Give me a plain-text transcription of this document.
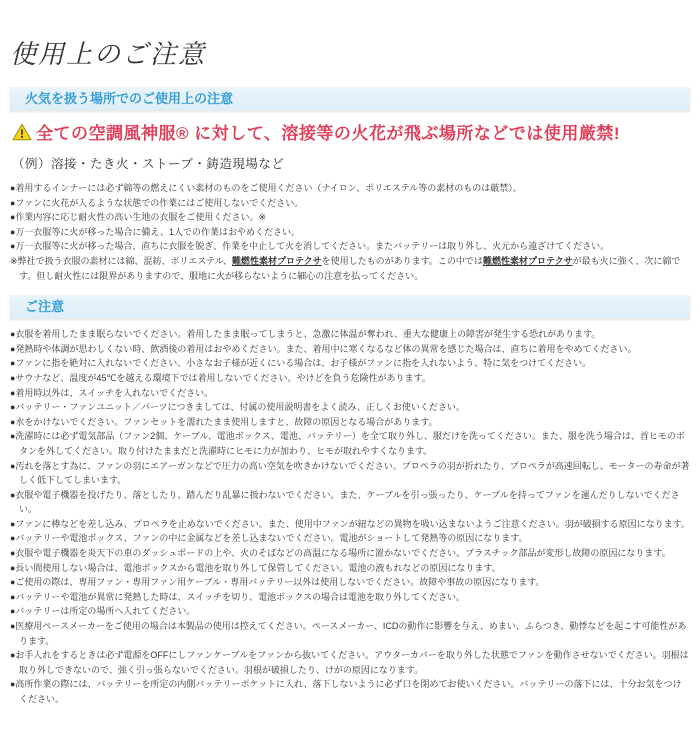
使用上のご注意
火気を扱う場所でのご使用上の注意
全ての空調風神服® に対して、溶接等の火花が飛ぶ場所などでは使用厳禁!
（例）溶接・たき火・ストーブ・鋳造現場など
●着用するインナーには必ず綿等の燃えにくい素材のものをご使用ください（ナイロン、ポリエステル等の素材のものは厳禁）。
●ファンに火花が入るような状態での作業にはご使用しないでください。
●作業内容に応じ耐火性の高い生地の衣服をご使用ください。※
●万一衣服等に火が移った場合に備え、1人での作業はおやめください。
●万一衣服等に火が移った場合、直ちに衣服を脱ぎ、作業を中止して火を消してください。またバッテリーは取り外し、火元から遠ざけてください。

※弊社で扱う衣服の素材には綿、混紡、ポリエステル、難燃性素材プロテクサを使用したものがあります。この中では難燃性素材プロテクサが最も火に強く、次に綿です。但し耐火性には限界がありますので、服地に火が移らないように細心の注意を払ってください。

ご注意
●衣服を着用したまま眠らないでください。着用したまま眠ってしまうと、急激に体温が奪われ、重大な健康上の障害が発生する恐れがあります。
●発熱時や体調が思わしくない時、飲酒後の着用はおやめください。また、着用中に寒くなるなど体の異常を感じた場合は、直ちに着用をやめてください。
●ファンに指を絶対に入れないでください。小さなお子様が近くにいる場合は、お子様がファンに指を入れないよう、特に気をつけてください。
●サウナなど、温度が45℃を越える環境下では着用しないでください。やけどを負う危険性があります。
●着用時以外は、スイッチを入れないでください。
●バッテリー・ファンユニット／パーツにつきましては、付属の使用説明書をよく読み、正しくお使いください。
●水をかけないでください。ファンセットを濡れたまま使用しますと、故障の原因となる場合があります。
●洗濯時には必ず電気部品（ファン2個、ケーブル、電池ボックス、電池、バッテリー）を全て取り外し、服だけを洗ってください。また、服を洗う場合は、首ヒモのボタンを外してください。取り付けたままだと洗濯時にヒモに力が加わり、ヒモが取れやすくなります。
●汚れを落とす為に、ファンの羽にエアーガンなどで圧力の高い空気を吹きかけないでください。プロペラの羽が折れたり、プロペラが高速回転し、モーターの寿命が著しく低下してしまいます。
●衣服や電子機器を投げたり、落としたり、踏んだり乱暴に扱わないでください。また、ケーブルを引っ張ったり、ケーブルを持ってファンを運んだりしないでください。
●ファンに棒などを差し込み、プロペラを止めないでください。また、使用中ファンが紐などの異物を吸い込まないようご注意ください。羽が破損する原因になります。
●バッテリーや電池ボックス、ファンの中に金属などを差し込まないでください。電池がショートして発熱等の原因になります。
●衣服や電子機器を炎天下の車のダッシュボードの上や、火のそばなどの高温になる場所に置かないでください。プラスチック部品が変形し故障の原因になります。
●長い間使用しない場合は、電池ボックスから電池を取り外して保管してください。電池の液もれなどの原因になります。
●ご使用の際は、専用ファン・専用ファン用ケーブル・専用バッテリー以外は使用しないでください。故障や事故の原因になります。
●バッテリーや電池が異常に発熱した時は、スイッチを切り、電池ボックスの場合は電池を取り外してください。
●バッテリーは所定の場所へ入れてください。
●医療用ペースメーカーをご使用の場合は本製品の使用は控えてください。ペースメーカー、ICDの動作に影響を与え、めまい、ふらつき、動悸などを起こす可能性があります。
●お手入れをするときは必ず電源をOFFにしファンケーブルをファンから抜いてください。アウターカバーを取り外した状態でファンを動作させないでください。羽根は取り外しできないので、強く引っ張らないでください。羽根が破損したり、けがの原因になります。
●高所作業の際には、バッテリーを所定の内側バッテリーポケットに入れ、落下しないように必ず口を閉めてお使いください。バッテリーの落下には、十分お気をつけください。
